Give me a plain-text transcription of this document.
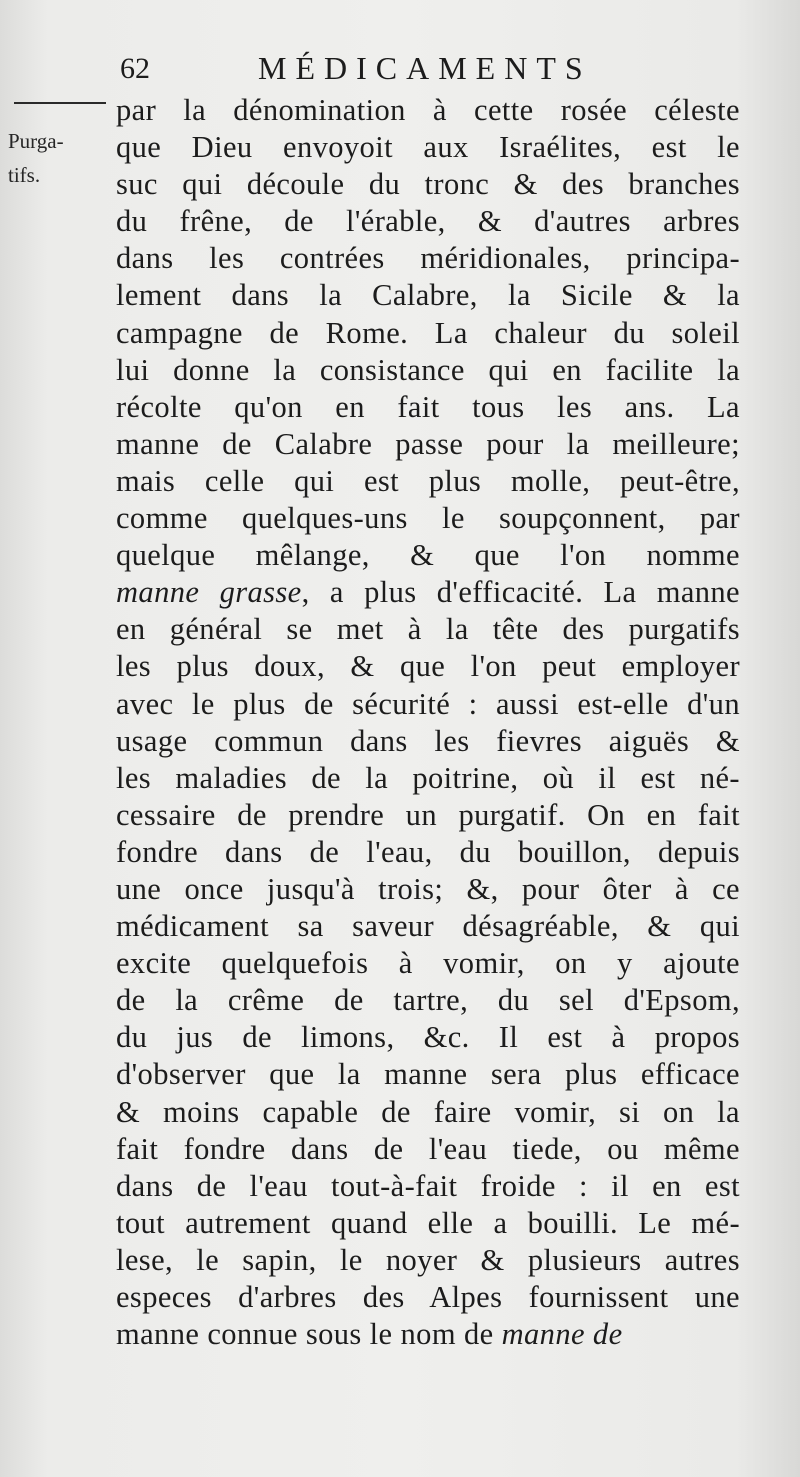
62	MÉDICAMENTS
Purga-
tifs.
par la dénomination à cette rosée céleste
que Dieu envoyoit aux Israélites, est le
suc qui découle du tronc & des branches
du frêne, de l'érable, & d'autres arbres
dans les contrées méridionales, principa-
lement dans la Calabre, la Sicile & la
campagne de Rome. La chaleur du soleil
lui donne la consistance qui en facilite la
récolte qu'on en fait tous les ans. La
manne de Calabre passe pour la meilleure;
mais celle qui est plus molle, peut-être,
comme quelques-uns le soupçonnent, par
quelque mêlange, & que l'on nomme
manne grasse, a plus d'efficacité. La manne
en général se met à la tête des purgatifs
les plus doux, & que l'on peut employer
avec le plus de sécurité : aussi est-elle d'un
usage commun dans les fievres aiguës &
les maladies de la poitrine, où il est né-
cessaire de prendre un purgatif. On en fait
fondre dans de l'eau, du bouillon, depuis
une once jusqu'à trois; &, pour ôter à ce
médicament sa saveur désagréable, & qui
excite quelquefois à vomir, on y ajoute
de la crême de tartre, du sel d'Epsom,
du jus de limons, &c. Il est à propos
d'observer que la manne sera plus efficace
& moins capable de faire vomir, si on la
fait fondre dans de l'eau tiede, ou même
dans de l'eau tout-à-fait froide : il en est
tout autrement quand elle a bouilli. Le mé-
lese, le sapin, le noyer & plusieurs autres
especes d'arbres des Alpes fournissent une
manne connue sous le nom de manne de
